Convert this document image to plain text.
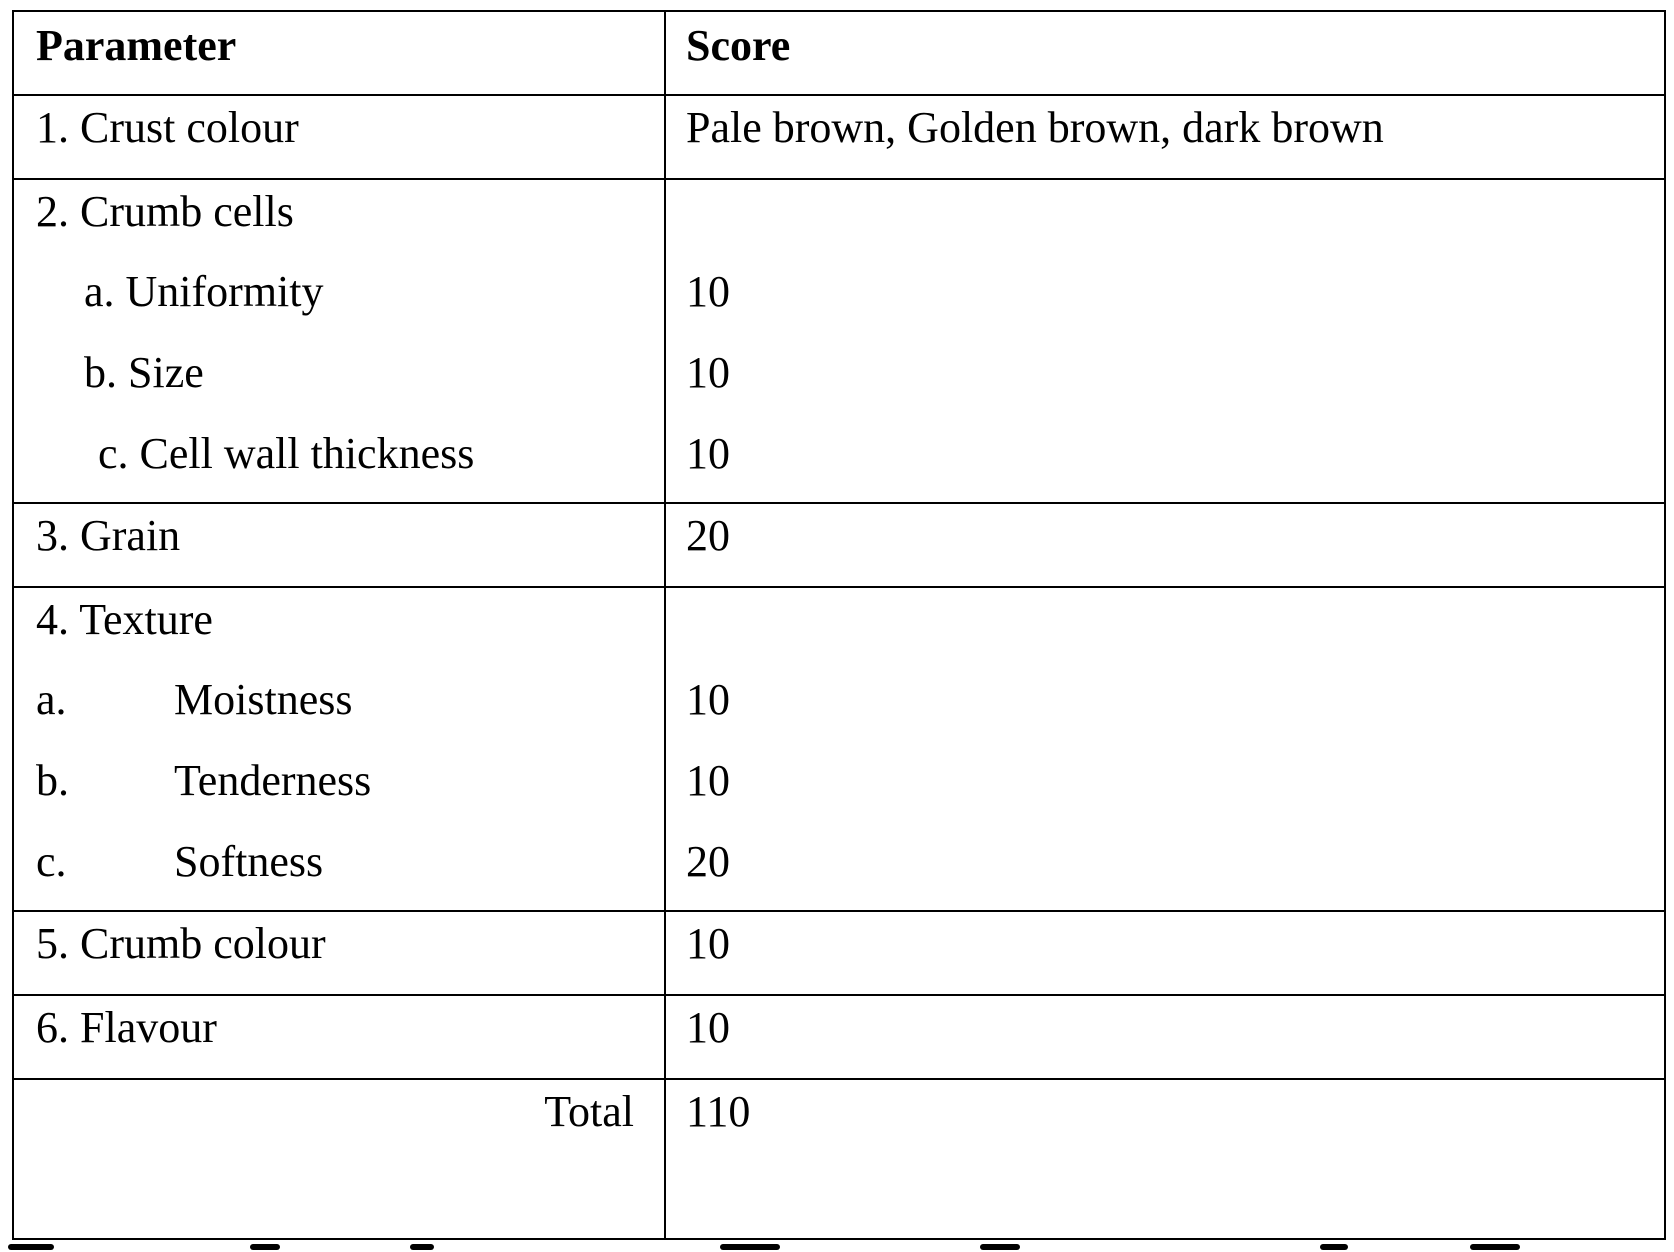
Parameter	Score
1. Crust colour	Pale brown, Golden brown, dark brown
2. Crumb cells
a. Uniformity	10
b. Size	10
c. Cell wall thickness	10
3. Grain	20
4. Texture
a. Moistness	10
b. Tenderness	10
c. Softness	20
5. Crumb colour	10
6. Flavour	10
Total 110
